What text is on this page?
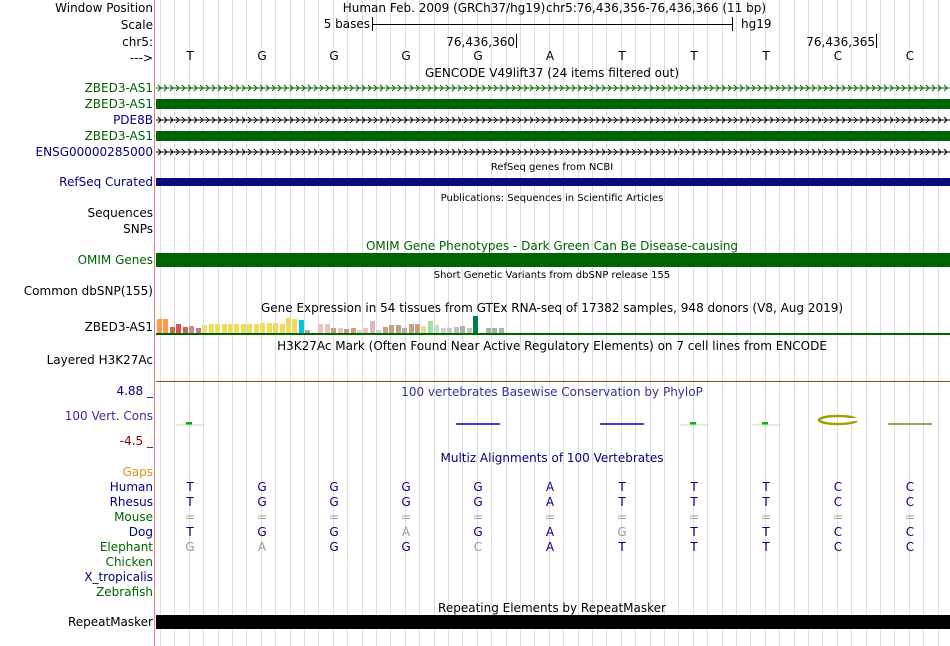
Window Position
Scale
chr5:
--->
Human Feb. 2009 (GRCh37/hg19) chr5:76,436,356-76,436,366 (11 bp)
5 bases	hg19
76,436,360	76,436,365
T	G	G	G	G	A	T	T	T	C	C
GENCODE V49lift37 (24 items filtered out)
ZBED3-AS1
ZBED3-AS1
PDE8B
ZBED3-AS1
ENSG00000285000
RefSeq genes from NCBI
RefSeq Curated
Publications: Sequences in Scientific Articles
Sequences
SNPs
OMIM Gene Phenotypes - Dark Green Can Be Disease-causing
OMIM Genes
Short Genetic Variants from dbSNP release 155
Common dbSNP(155)
Gene Expression in 54 tissues from GTEx RNA-seq of 17382 samples, 948 donors (V8, Aug 2019)
ZBED3-AS1
H3K27Ac Mark (Often Found Near Active Regulatory Elements) on 7 cell lines from ENCODE
Layered H3K27Ac
100 vertebrates Basewise Conservation by PhyloP
4.88 _
100 Vert. Cons
-4.5 _
Multiz Alignments of 100 Vertebrates
Gaps
Human	T	G	G	G	G	A	T	T	T	C	C
Rhesus	T	G	G	G	G	A	T	T	T	C	C
Mouse	=	=	=	=	=	=	=	=	=	=	=
Dog	T	G	G	A	G	A	G	T	T	C	C
Elephant	G	A	G	G	C	A	T	T	T	C	C
Chicken
X_tropicalis
Zebrafish
Repeating Elements by RepeatMasker
RepeatMasker
